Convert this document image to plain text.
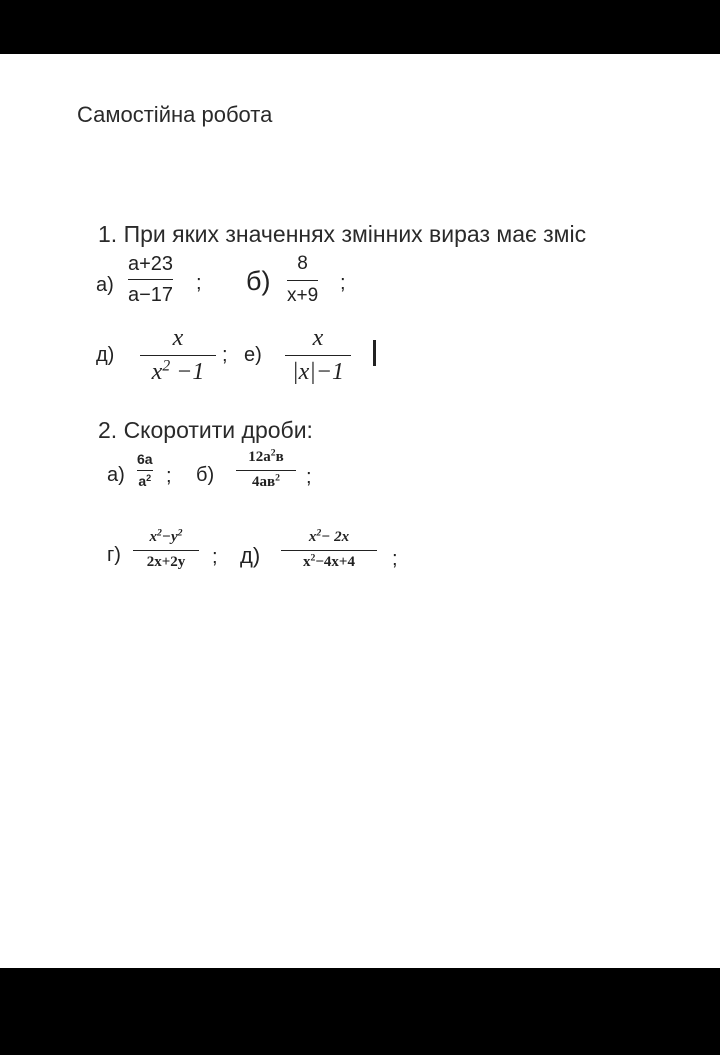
Самостійна робота
1. При яких значеннях змінних вираз має зміс
а)
a+23
a−17
; б)
8
x+9
;
д)
x
$x^2 -1$
; е)
x
|x|−1
2. Скоротити дроби:
а)
6a
$a^2$ ; б)
$12a^2в$
$4aв^2$ ;
г)
$x^2-y^2$
2x+2y ; д)
$x^2- 2x$
$x^2-4x+4$ ;
